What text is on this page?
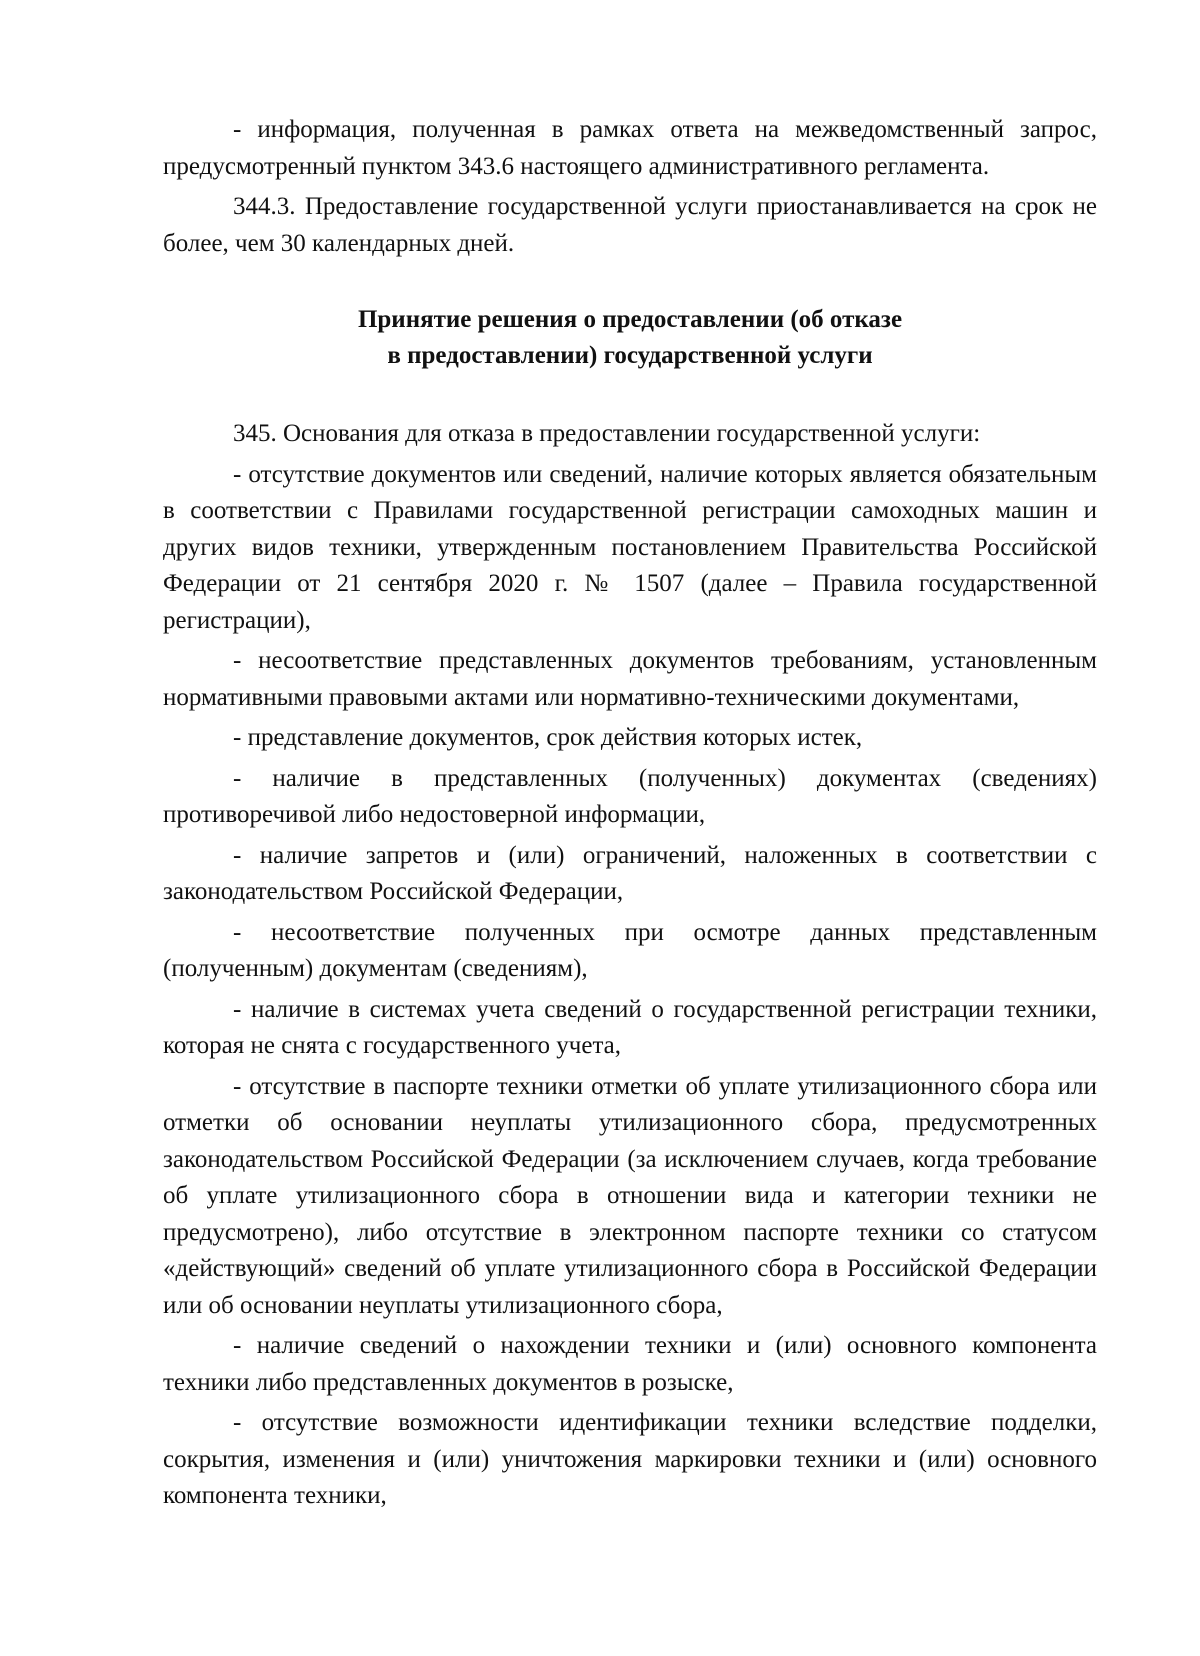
- информация, полученная в рамках ответа на межведомственный запрос, предусмотренный пунктом 343.6 настоящего административного регламента.

344.3. Предоставление государственной услуги приостанавливается на срок не более, чем 30 календарных дней.

Принятие решения о предоставлении (об отказе
в предоставлении) государственной услуги

345. Основания для отказа в предоставлении государственной услуги:

- отсутствие документов или сведений, наличие которых является обязательным в соответствии с Правилами государственной регистрации самоходных машин и других видов техники, утвержденным постановлением Правительства Российской Федерации от 21 сентября 2020 г. № 1507 (далее – Правила государственной регистрации),

- несоответствие представленных документов требованиям, установленным нормативными правовыми актами или нормативно-техническими документами,

- представление документов, срок действия которых истек,

- наличие в представленных (полученных) документах (сведениях) противоречивой либо недостоверной информации,

- наличие запретов и (или) ограничений, наложенных в соответствии с законодательством Российской Федерации,

- несоответствие полученных при осмотре данных представленным (полученным) документам (сведениям),

- наличие в системах учета сведений о государственной регистрации техники, которая не снята с государственного учета,

- отсутствие в паспорте техники отметки об уплате утилизационного сбора или отметки об основании неуплаты утилизационного сбора, предусмотренных законодательством Российской Федерации (за исключением случаев, когда требование об уплате утилизационного сбора в отношении вида и категории техники не предусмотрено), либо отсутствие в электронном паспорте техники со статусом «действующий» сведений об уплате утилизационного сбора в Российской Федерации или об основании неуплаты утилизационного сбора,

- наличие сведений о нахождении техники и (или) основного компонента техники либо представленных документов в розыске,

- отсутствие возможности идентификации техники вследствие подделки, сокрытия, изменения и (или) уничтожения маркировки техники и (или) основного компонента техники,
